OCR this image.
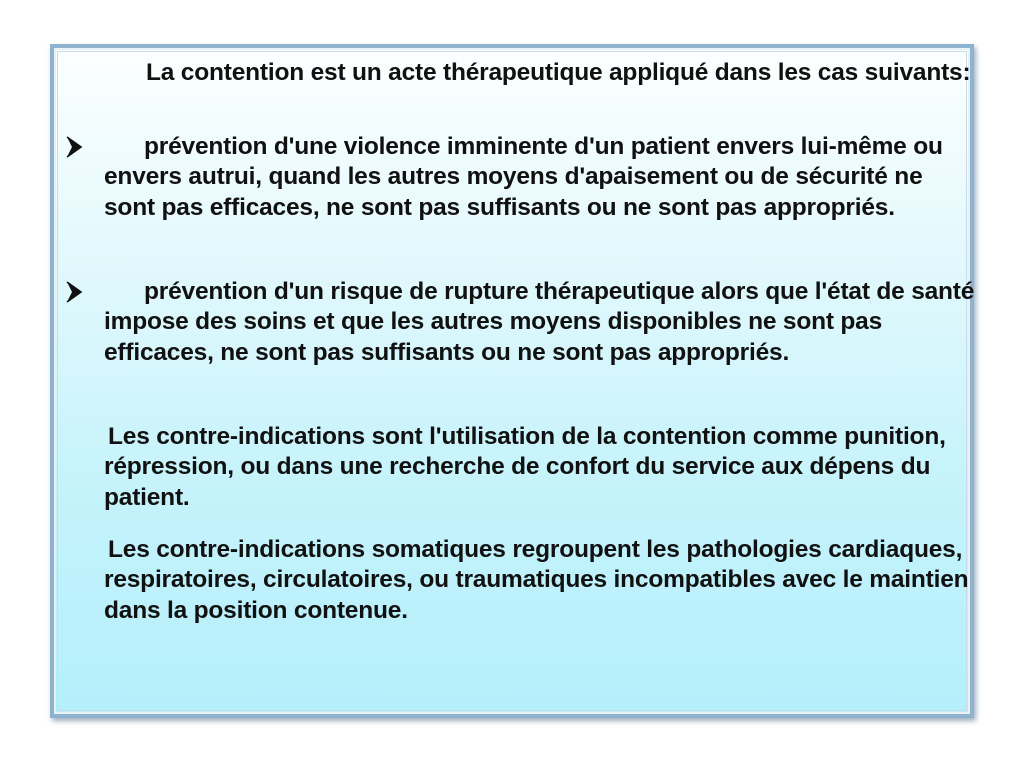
La contention est un acte thérapeutique appliqué dans les cas suivants:
prévention d'une violence imminente d'un patient envers lui-même ou envers autrui, quand les autres moyens d'apaisement ou de sécurité ne sont pas efficaces, ne sont pas suffisants ou ne sont pas appropriés.
prévention d'un risque de rupture thérapeutique alors que l'état de santé impose des soins et que les autres moyens disponibles ne sont pas efficaces, ne sont pas suffisants ou ne sont pas appropriés.
Les contre-indications sont l'utilisation de la contention comme punition, répression, ou dans une recherche de confort du service aux dépens du patient.
Les contre-indications somatiques regroupent les pathologies cardiaques, respiratoires, circulatoires, ou traumatiques incompatibles avec le maintien dans la position contenue.
